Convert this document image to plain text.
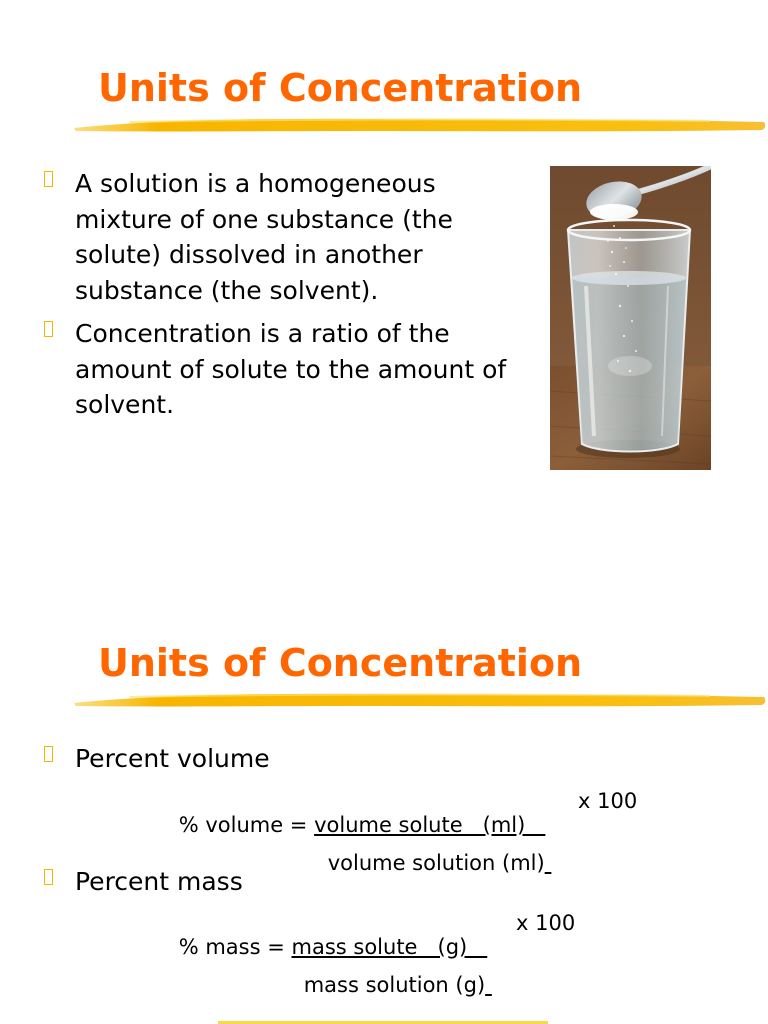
Units of Concentration
A solution is a homogeneous mixture of one substance (the solute) dissolved in another substance (the solvent).
Concentration is a ratio of the amount of solute to the amount of solvent.
Units of Concentration
Percent volume
Percent mass

% volume = volume solute   (ml)

x 100

volume solution (ml)

% mass = mass solute   (g)

x 100

mass solution (g)
